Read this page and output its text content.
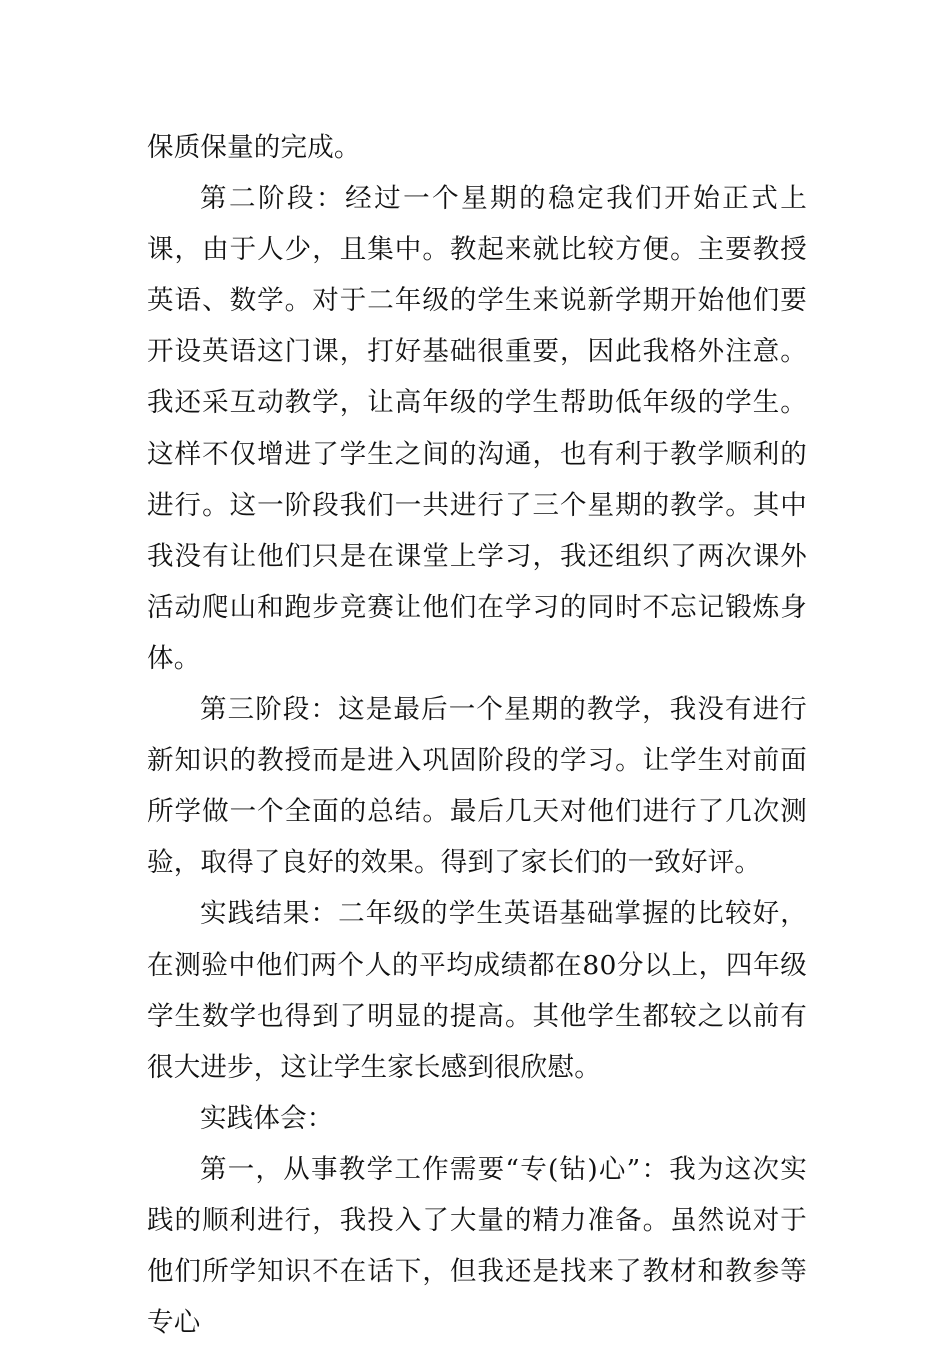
保质保量的完成。

第二阶段：经过一个星期的稳定我们开始正式上课，由于人少，且集中。教起来就比较方便。主要教授英语、数学。对于二年级的学生来说新学期开始他们要开设英语这门课，打好基础很重要，因此我格外注意。我还采互动教学，让高年级的学生帮助低年级的学生。这样不仅增进了学生之间的沟通，也有利于教学顺利的进行。这一阶段我们一共进行了三个星期的教学。其中我没有让他们只是在课堂上学习，我还组织了两次课外活动爬山和跑步竞赛让他们在学习的同时不忘记锻炼身体。

第三阶段：这是最后一个星期的教学，我没有进行新知识的教授而是进入巩固阶段的学习。让学生对前面所学做一个全面的总结。最后几天对他们进行了几次测验，取得了良好的效果。得到了家长们的一致好评。

实践结果：二年级的学生英语基础掌握的比较好，在测验中他们两个人的平均成绩都在80分以上，四年级学生数学也得到了明显的提高。其他学生都较之以前有很大进步，这让学生家长感到很欣慰。

实践体会：

第一，从事教学工作需要“专(钻)心”：我为这次实践的顺利进行，我投入了大量的精力准备。虽然说对于他们所学知识不在话下，但我还是找来了教材和教参等专心
